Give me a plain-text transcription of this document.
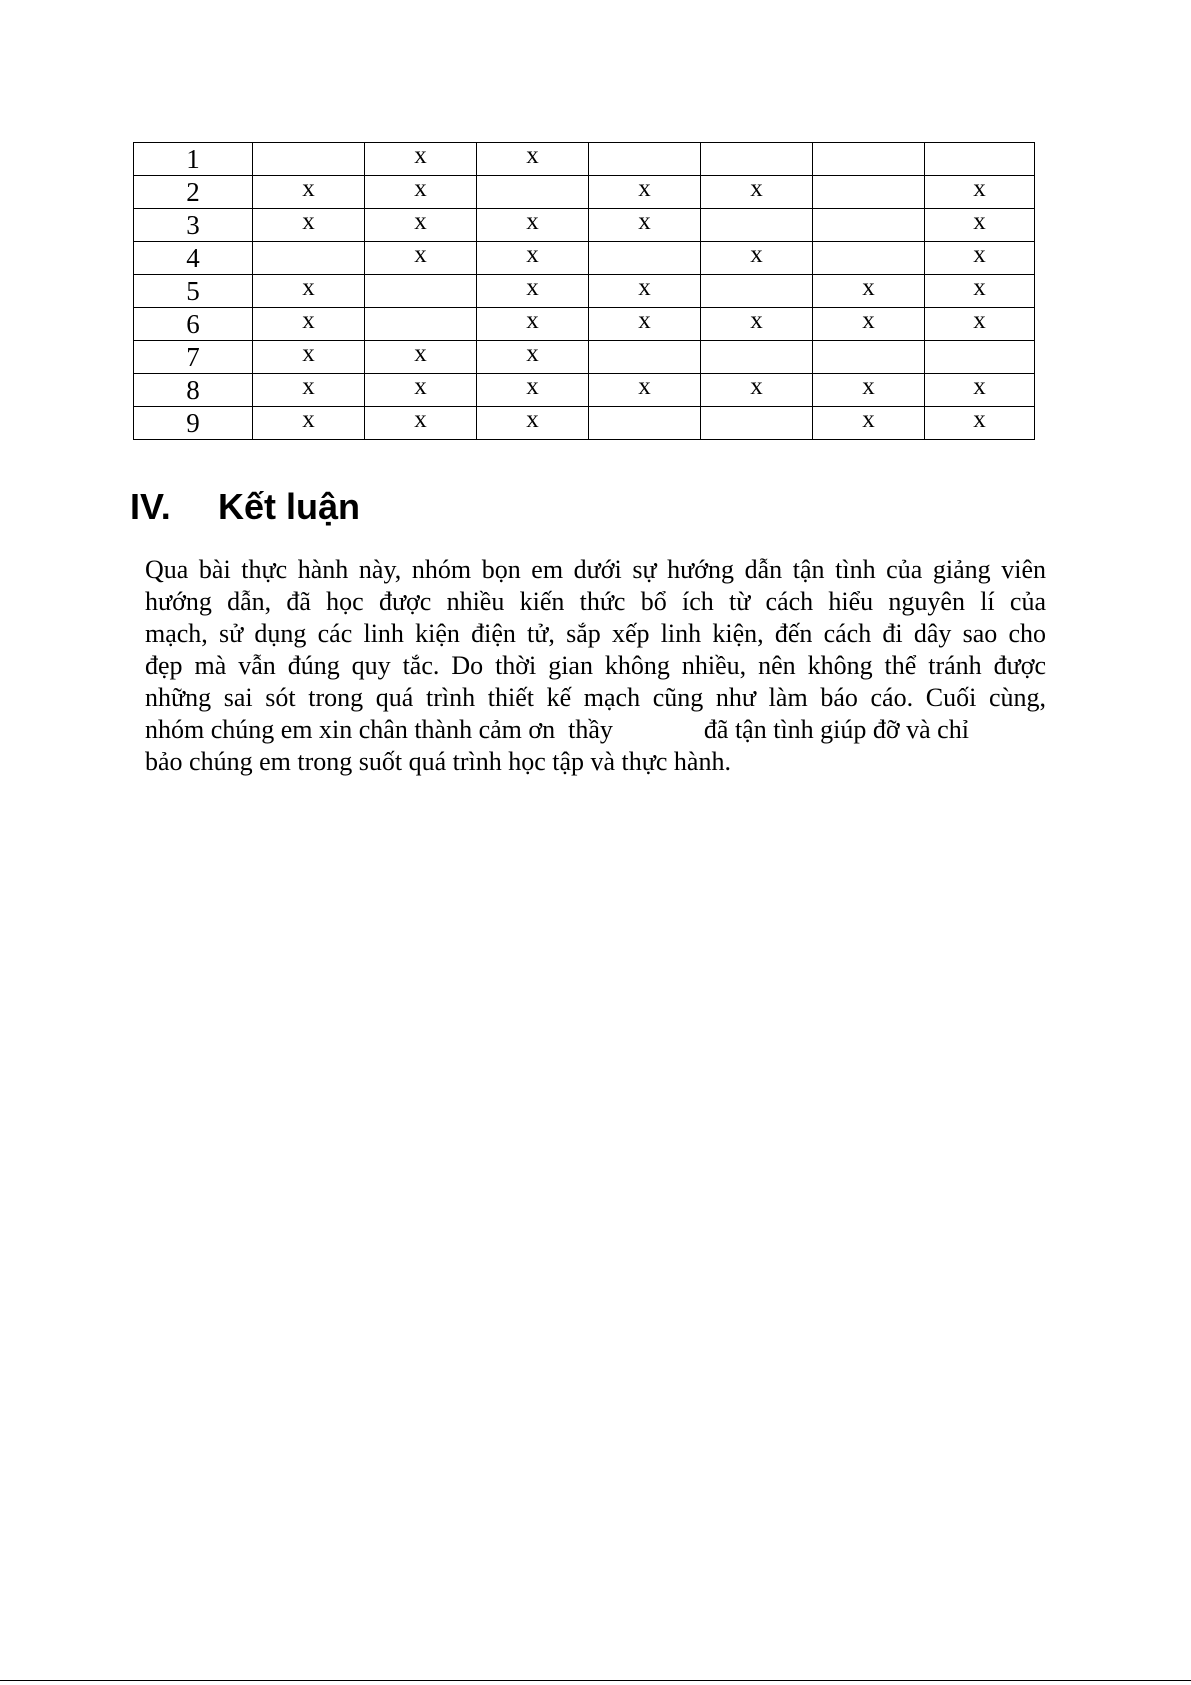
1		x	x				
2	x	x		x	x		x
3	x	x	x	x			x
4		x	x		x		x
5	x		x	x		x	x
6	x		x	x	x	x	x
7	x	x	x				
8	x	x	x	x	x	x	x
9	x	x	x			x	x
IV. Kết luận
Qua bài thực hành này, nhóm bọn em dưới sự hướng dẫn tận tình của giảng viên
hướng dẫn, đã học được nhiều kiến thức bổ ích từ cách hiểu nguyên lí của
mạch, sử dụng các linh kiện điện tử, sắp xếp linh kiện, đến cách đi dây sao cho
đẹp mà vẫn đúng quy tắc. Do thời gian không nhiều, nên không thể tránh được
những sai sót trong quá trình thiết kế mạch cũng như làm báo cáo. Cuối cùng,
nhóm chúng em xin chân thành cảm ơn  thầy              đã tận tình giúp đỡ và chỉ
bảo chúng em trong suốt quá trình học tập và thực hành.
